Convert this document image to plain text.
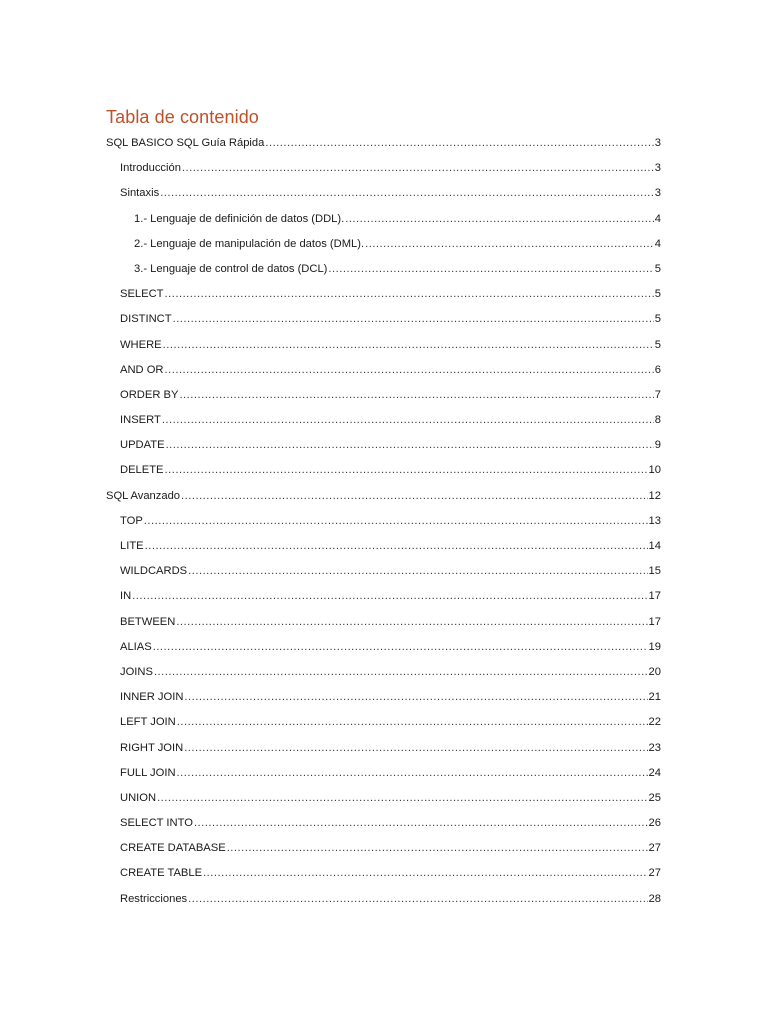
Tabla de contenido
SQL BASICO SQL Guía Rápida .....	3
Introducción .....	3
Sintaxis .....	3
1.- Lenguaje de definición de datos (DDL). .....	4
2.- Lenguaje de manipulación de datos (DML). .....	4
3.- Lenguaje de control de datos (DCL) .....	5
SELECT .....	5
DISTINCT .....	5
WHERE .....	5
AND OR .....	6
ORDER BY .....	7
INSERT .....	8
UPDATE .....	9
DELETE .....	10
SQL Avanzado .....	12
TOP .....	13
LITE .....	14
WILDCARDS .....	15
IN .....	17
BETWEEN .....	17
ALIAS .....	19
JOINS .....	20
INNER JOIN .....	21
LEFT JOIN .....	22
RIGHT JOIN .....	23
FULL JOIN .....	24
UNION .....	25
SELECT INTO .....	26
CREATE DATABASE .....	27
CREATE TABLE .....	27
Restricciones .....	28
